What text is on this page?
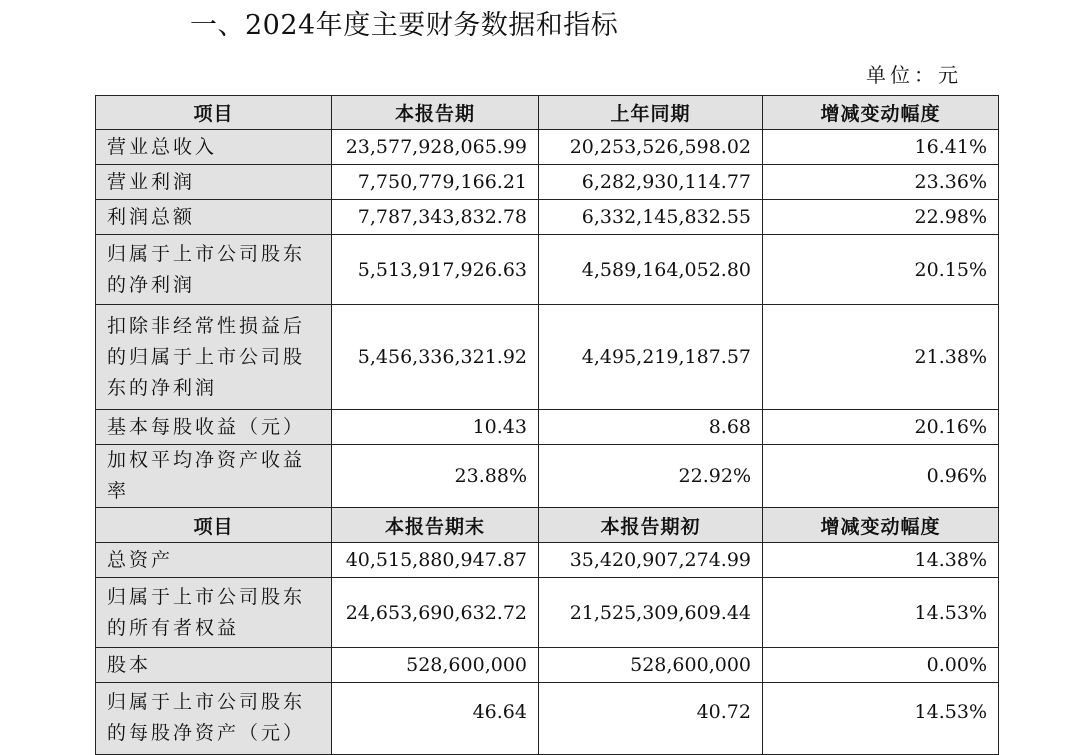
一、2024年度主要财务数据和指标
单位：元
项目	本报告期	上年同期	增减变动幅度
营业总收入	23,577,928,065.99	20,253,526,598.02	16.41%
营业利润	7,750,779,166.21	6,282,930,114.77	23.36%
利润总额	7,787,343,832.78	6,332,145,832.55	22.98%
归属于上市公司股东的净利润	5,513,917,926.63	4,589,164,052.80	20.15%
扣除非经常性损益后的归属于上市公司股东的净利润	5,456,336,321.92	4,495,219,187.57	21.38%
基本每股收益（元）	10.43	8.68	20.16%
加权平均净资产收益率	23.88%	22.92%	0.96%
项目	本报告期末	本报告期初	增减变动幅度
总资产	40,515,880,947.87	35,420,907,274.99	14.38%
归属于上市公司股东的所有者权益	24,653,690,632.72	21,525,309,609.44	14.53%
股本	528,600,000	528,600,000	0.00%
归属于上市公司股东的每股净资产（元）	46.64	40.72	14.53%
